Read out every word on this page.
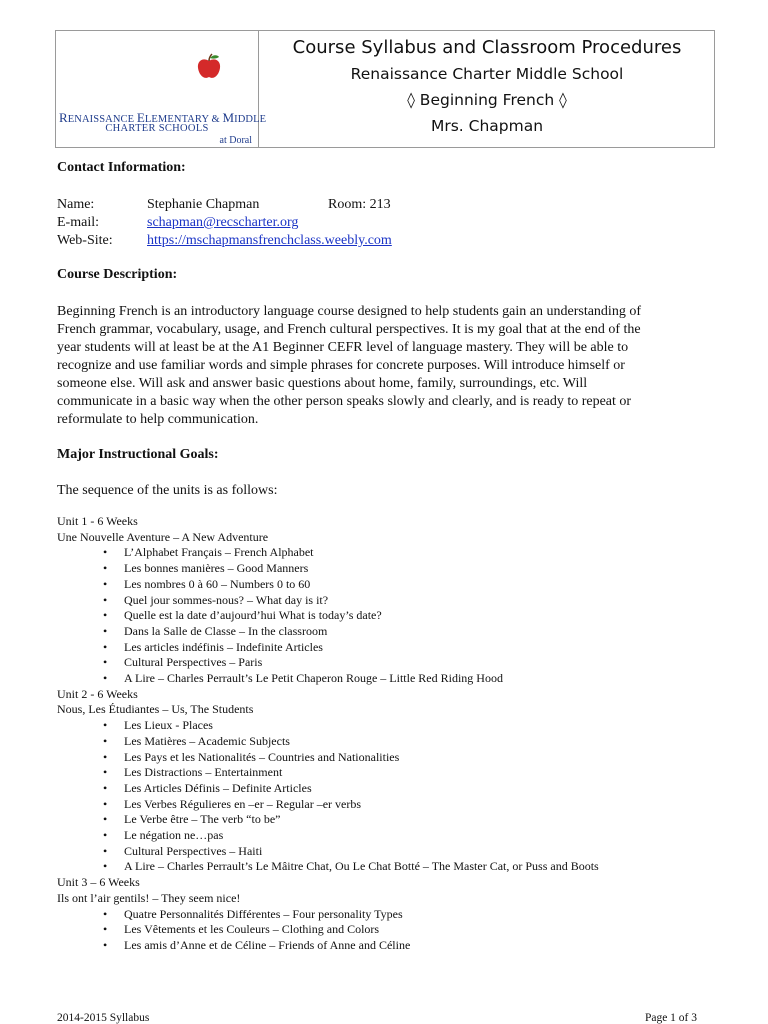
RENAISSANCE ELEMENTARY & MIDDLE
CHARTER SCHOOLS
at Doral
Course Syllabus and Classroom Procedures
Renaissance Charter Middle School
◊ Beginning French ◊
Mrs. Chapman
Contact Information:
Name:	Stephanie Chapman	Room: 213
E-mail:	schapman@recscharter.org
Web-Site: https://mschapmansfrenchclass.weebly.com
Course Description:
Beginning French is an introductory language course designed to help students gain an understanding of
French grammar, vocabulary, usage, and French cultural perspectives. It is my goal that at the end of the
year students will at least be at the A1 Beginner CEFR level of language mastery. They will be able to
recognize and use familiar words and simple phrases for concrete purposes. Will introduce himself or
someone else. Will ask and answer basic questions about home, family, surroundings, etc. Will
communicate in a basic way when the other person speaks slowly and clearly, and is ready to repeat or
reformulate to help communication.
Major Instructional Goals:
The sequence of the units is as follows:
Unit 1 - 6 Weeks
Une Nouvelle Aventure – A New Adventure
• L’Alphabet Français – French Alphabet
• Les bonnes manières – Good Manners
• Les nombres 0 à 60 – Numbers 0 to 60
• Quel jour sommes-nous? – What day is it?
• Quelle est la date d’aujourd’hui What is today’s date?
• Dans la Salle de Classe – In the classroom
• Les articles indéfinis – Indefinite Articles
• Cultural Perspectives – Paris
• A Lire – Charles Perrault’s Le Petit Chaperon Rouge – Little Red Riding Hood
Unit 2 - 6 Weeks
Nous, Les Étudiantes – Us, The Students
• Les Lieux - Places
• Les Matières – Academic Subjects
• Les Pays et les Nationalités – Countries and Nationalities
• Les Distractions – Entertainment
• Les Articles Définis – Definite Articles
• Les Verbes Régulieres en –er – Regular –er verbs
• Le Verbe être – The verb “to be”
• Le négation ne…pas
• Cultural Perspectives – Haiti
• A Lire – Charles Perrault’s Le Mâitre Chat, Ou Le Chat Botté – The Master Cat, or Puss and Boots
Unit 3 – 6 Weeks
Ils ont l’air gentils! – They seem nice!
• Quatre Personnalités Différentes – Four personality Types
• Les Vêtements et les Couleurs – Clothing and Colors
• Les amis d’Anne et de Céline – Friends of Anne and Céline
2014-2015 Syllabus	Page 1 of 3
